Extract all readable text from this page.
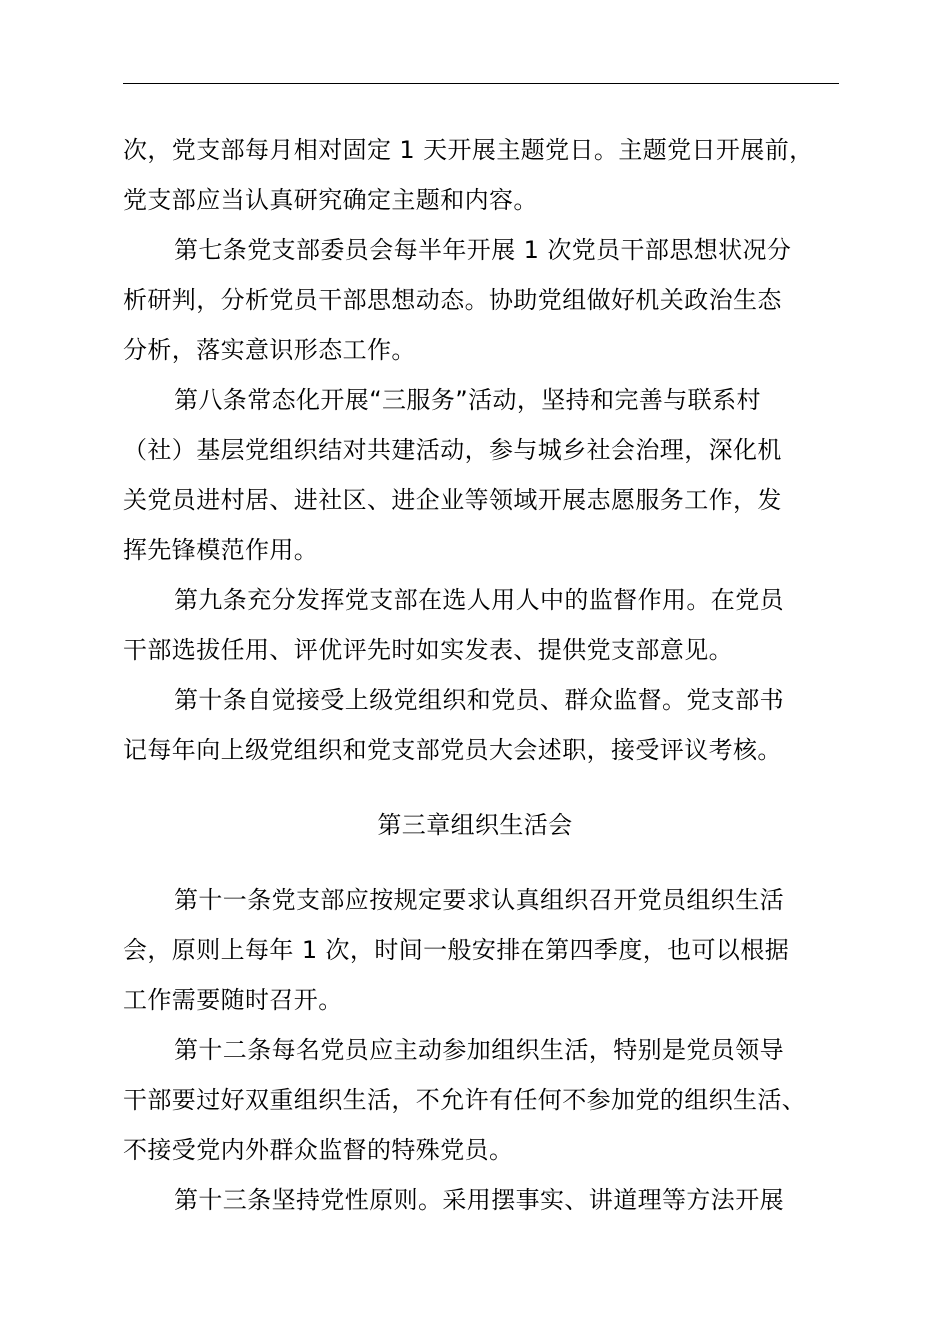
次，党支部每月相对固定 1 天开展主题党日。主题党日开展前，
党支部应当认真研究确定主题和内容。
第七条党支部委员会每半年开展 1 次党员干部思想状况分
析研判，分析党员干部思想动态。协助党组做好机关政治生态
分析，落实意识形态工作。
第八条常态化开展“三服务”活动，坚持和完善与联系村
（社）基层党组织结对共建活动，参与城乡社会治理，深化机
关党员进村居、进社区、进企业等领域开展志愿服务工作，发
挥先锋模范作用。
第九条充分发挥党支部在选人用人中的监督作用。在党员
干部选拔任用、评优评先时如实发表、提供党支部意见。
第十条自觉接受上级党组织和党员、群众监督。党支部书
记每年向上级党组织和党支部党员大会述职，接受评议考核。
第三章组织生活会
第十一条党支部应按规定要求认真组织召开党员组织生活
会，原则上每年 1 次，时间一般安排在第四季度，也可以根据
工作需要随时召开。
第十二条每名党员应主动参加组织生活，特别是党员领导
干部要过好双重组织生活，不允许有任何不参加党的组织生活、
不接受党内外群众监督的特殊党员。
第十三条坚持党性原则。采用摆事实、讲道理等方法开展
